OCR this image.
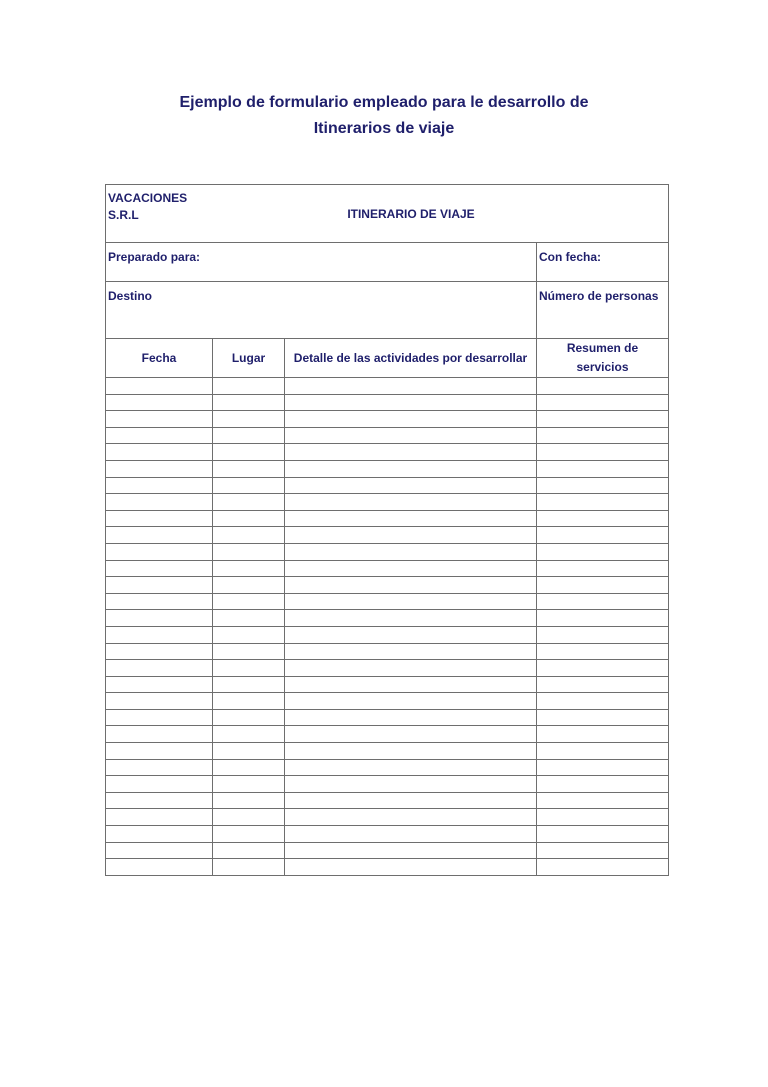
Ejemplo de formulario empleado para le desarrollo de
Itinerarios de viaje
VACACIONES
S.R.L ITINERARIO DE VIAJE			

Preparado para:			Con fecha:

Destino			Número de personas

Fecha	Lugar	Detalle de las actividades por desarrollar	Resumen de servicios
